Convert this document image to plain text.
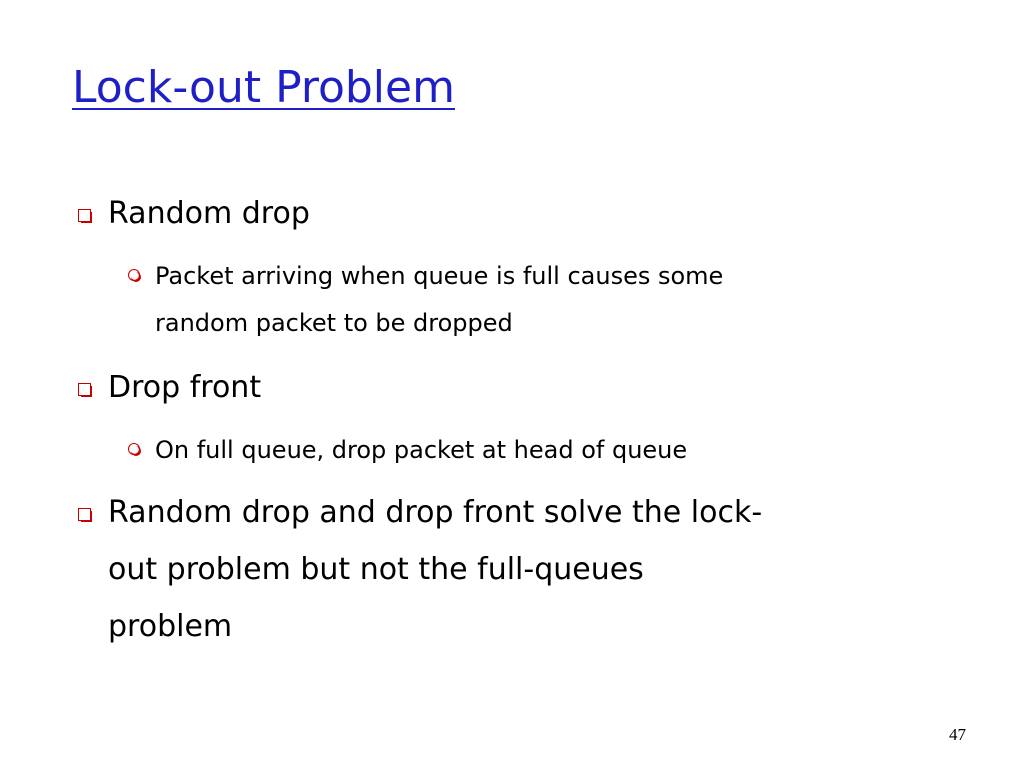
Lock-out Problem
Random drop
Packet arriving when queue is full causes some
random packet to be dropped
Drop front
On full queue, drop packet at head of queue
Random drop and drop front solve the lock-
out problem but not the full-queues
problem
47
